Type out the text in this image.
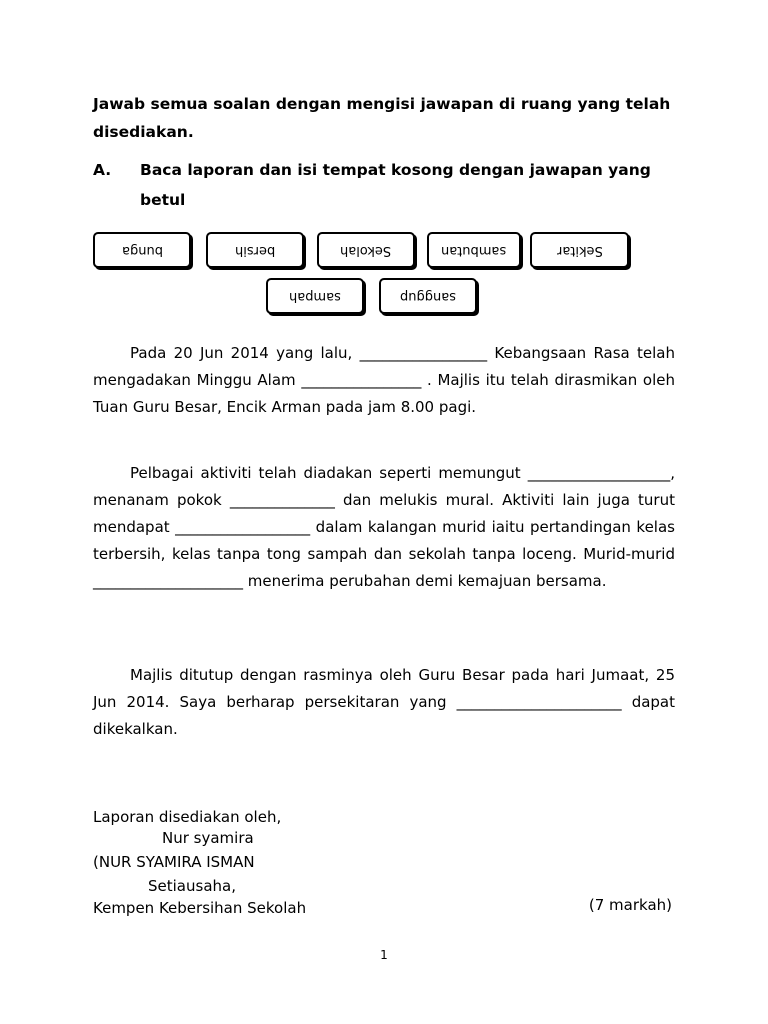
Jawab semua soalan dengan mengisi jawapan di ruang yang telah disediakan.
A. Baca laporan dan isi tempat kosong dengan jawapan yang betul
bunga	bersih	Sekolah	sambutan	Sekitar
sampah	sanggup
Pada 20 Jun 2014 yang lalu, _________________ Kebangsaan Rasa telah mengadakan Minggu Alam ________________ . Majlis itu telah dirasmikan oleh Tuan Guru Besar, Encik Arman pada jam 8.00 pagi.
Pelbagai aktiviti telah diadakan seperti memungut ___________________, menanam pokok ______________ dan melukis mural. Aktiviti lain juga turut mendapat __________________ dalam kalangan murid iaitu pertandingan kelas terbersih, kelas tanpa tong sampah dan sekolah tanpa loceng. Murid-murid ____________________ menerima perubahan demi kemajuan bersama.
Majlis ditutup dengan rasminya oleh Guru Besar pada hari Jumaat, 25 Jun 2014. Saya berharap persekitaran yang ______________________ dapat dikekalkan.
Laporan disediakan oleh,
Nur syamira
(NUR SYAMIRA ISMAN
Setiausaha,
Kempen Kebersihan Sekolah	(7 markah)
1
